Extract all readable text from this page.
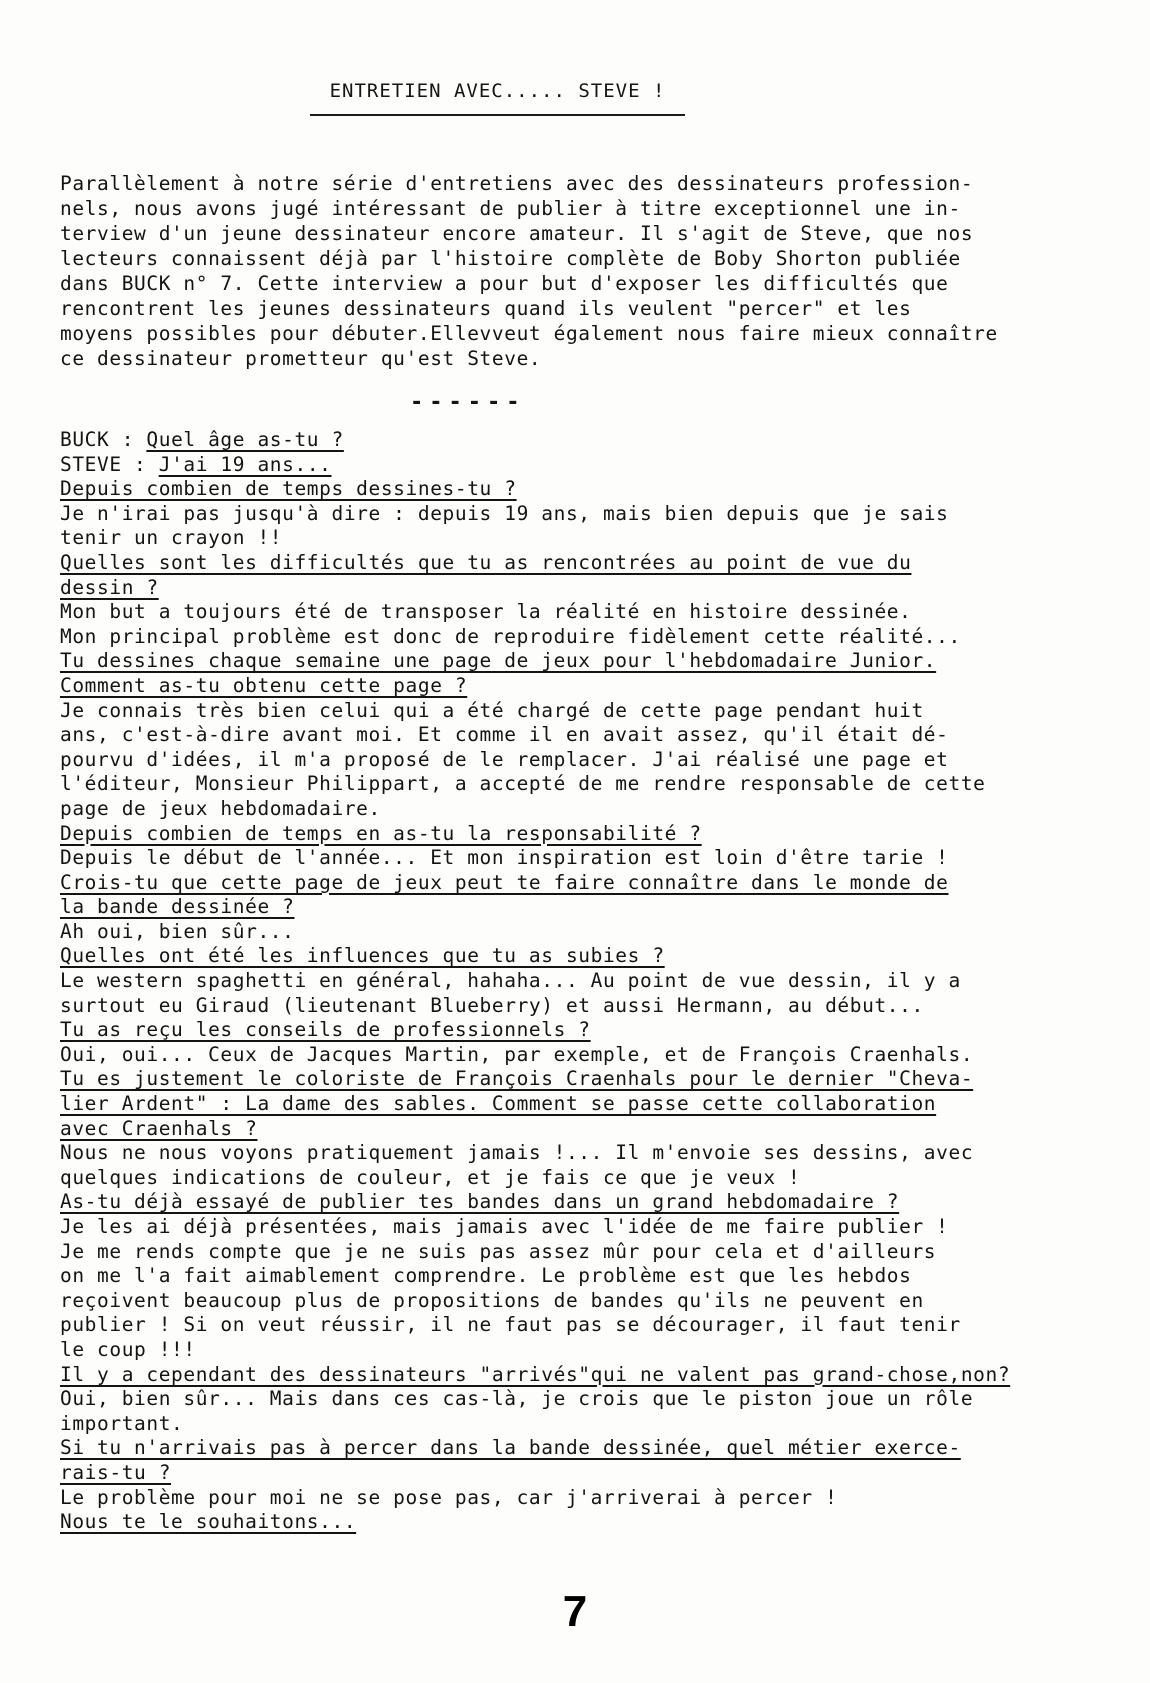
ENTRETIEN AVEC..... STEVE !
Parallèlement à notre série d'entretiens avec des dessinateurs profession-
nels, nous avons jugé intéressant de publier à titre exceptionnel une in-
terview d'un jeune dessinateur encore amateur. Il s'agit de Steve, que nos
lecteurs connaissent déjà par l'histoire complète de Boby Shorton publiée
dans BUCK n° 7. Cette interview a pour but d'exposer les difficultés que
rencontrent les jeunes dessinateurs quand ils veulent "percer" et les
moyens possibles pour débuter.Ellevveut également nous faire mieux connaître
ce dessinateur prometteur qu'est Steve.
------
BUCK : Quel âge as-tu ?
STEVE : J'ai 19 ans...
Depuis combien de temps dessines-tu ?
Je n'irai pas jusqu'à dire : depuis 19 ans, mais bien depuis que je sais
tenir un crayon !!
Quelles sont les difficultés que tu as rencontrées au point de vue du
dessin ?
Mon but a toujours été de transposer la réalité en histoire dessinée.
Mon principal problème est donc de reproduire fidèlement cette réalité...
Tu dessines chaque semaine une page de jeux pour l'hebdomadaire Junior.
Comment as-tu obtenu cette page ?
Je connais très bien celui qui a été chargé de cette page pendant huit
ans, c'est-à-dire avant moi. Et comme il en avait assez, qu'il était dé-
pourvu d'idées, il m'a proposé de le remplacer. J'ai réalisé une page et
l'éditeur, Monsieur Philippart, a accepté de me rendre responsable de cette
page de jeux hebdomadaire.
Depuis combien de temps en as-tu la responsabilité ?
Depuis le début de l'année... Et mon inspiration est loin d'être tarie !
Crois-tu que cette page de jeux peut te faire connaître dans le monde de
la bande dessinée ?
Ah oui, bien sûr...
Quelles ont été les influences que tu as subies ?
Le western spaghetti en général, hahaha... Au point de vue dessin, il y a
surtout eu Giraud (lieutenant Blueberry) et aussi Hermann, au début...
Tu as reçu les conseils de professionnels ?
Oui, oui... Ceux de Jacques Martin, par exemple, et de François Craenhals.
Tu es justement le coloriste de François Craenhals pour le dernier "Cheva-
lier Ardent" : La dame des sables. Comment se passe cette collaboration
avec Craenhals ?
Nous ne nous voyons pratiquement jamais !... Il m'envoie ses dessins, avec
quelques indications de couleur, et je fais ce que je veux !
As-tu déjà essayé de publier tes bandes dans un grand hebdomadaire ?
Je les ai déjà présentées, mais jamais avec l'idée de me faire publier !
Je me rends compte que je ne suis pas assez mûr pour cela et d'ailleurs
on me l'a fait aimablement comprendre. Le problème est que les hebdos
reçoivent beaucoup plus de propositions de bandes qu'ils ne peuvent en
publier ! Si on veut réussir, il ne faut pas se décourager, il faut tenir
le coup !!!
Il y a cependant des dessinateurs "arrivés"qui ne valent pas grand-chose,non?
Oui, bien sûr... Mais dans ces cas-là, je crois que le piston joue un rôle
important.
Si tu n'arrivais pas à percer dans la bande dessinée, quel métier exerce-
rais-tu ?
Le problème pour moi ne se pose pas, car j'arriverai à percer !
Nous te le souhaitons...
7
